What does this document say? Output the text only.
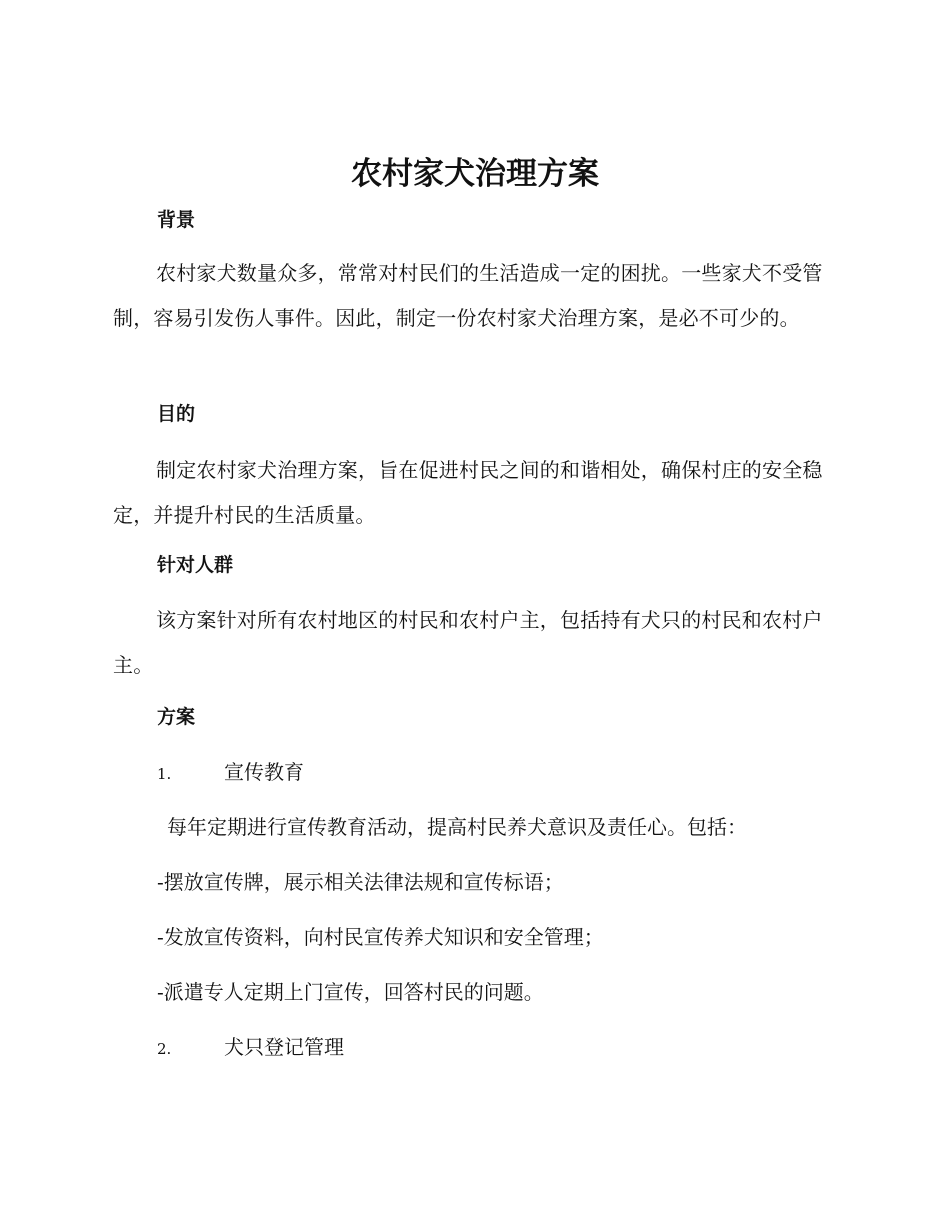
农村家犬治理方案
背景

农村家犬数量众多，常常对村民们的生活造成一定的困扰。一些家犬不受管制，容易引发伤人事件。因此，制定一份农村家犬治理方案，是必不可少的。

目的

制定农村家犬治理方案，旨在促进村民之间的和谐相处，确保村庄的安全稳定，并提升村民的生活质量。

针对人群

该方案针对所有农村地区的村民和农村户主，包括持有犬只的村民和农村户主。

方案

1.	宣传教育

每年定期进行宣传教育活动，提高村民养犬意识及责任心。包括：

-摆放宣传牌，展示相关法律法规和宣传标语；

-发放宣传资料，向村民宣传养犬知识和安全管理；

-派遣专人定期上门宣传，回答村民的问题。

2.	犬只登记管理
